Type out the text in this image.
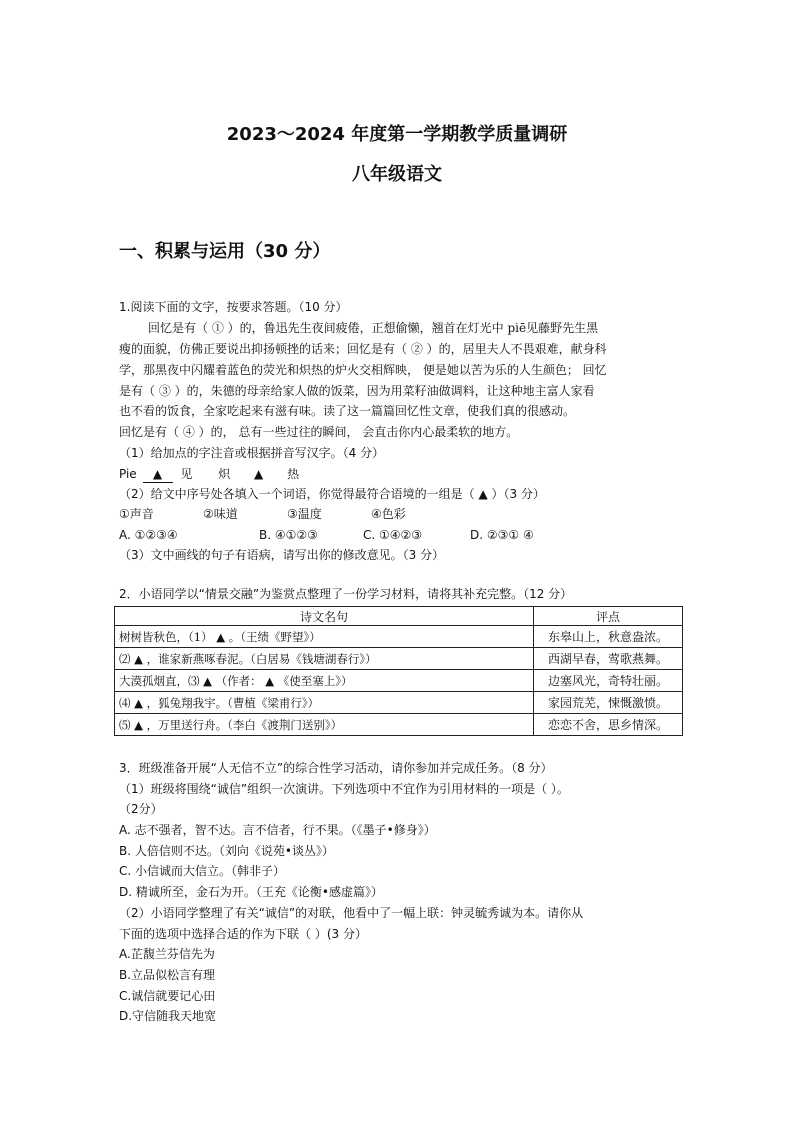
2023～2024 年度第一学期教学质量调研
八年级语文
一、积累与运用（30 分）
1.阅读下面的文字，按要求答题。（10 分）
回忆是有（ ① ）的，鲁迅先生夜间疲倦，正想偷懒，翘首在灯光中 piē见藤野先生黑
瘦的面貌，仿佛正要说出抑扬顿挫的话来；回忆是有（ ② ）的，居里夫人不畏艰难，献身科
学，那黑夜中闪耀着蓝色的荧光和炽热的炉火交相辉映， 便是她以苦为乐的人生颜色； 回忆
是有（ ③ ）的，朱德的母亲给家人做的饭菜，因为用菜籽油做调料，让这种地主富人家看
也不看的饭食，全家吃起来有滋有味。读了这一篇篇回忆性文章，使我们真的很感动。
回忆是有（ ④ ）的， 总有一些过往的瞬间， 会直击你内心最柔软的地方。
（1）给加点的字注音或根据拼音写汉字。（4 分）
Pie ▲ 见 炽 ▲ 热
（2）给文中序号处各填入一个词语，你觉得最符合语境的一组是（ ▲ ）（3 分）
①声音	②味道	③温度	④色彩
A. ①②③④	B. ④①②③	C. ①④②③	D. ②③① ④
（3）文中画线的句子有语病，请写出你的修改意见。（3 分）
2．小语同学以“情景交融”为鉴赏点整理了一份学习材料，请将其补充完整。（12 分）
诗文名句	评点
树树皆秋色，（1） ▲ 。（王绩《野望》）	东皋山上，秋意盎浓。
⑵ ▲ ，谁家新燕啄春泥。（白居易《钱塘湖春行》）	西湖早春，莺歌燕舞。
大漠孤烟直，⑶ ▲ （作者： ▲ 《使至塞上》）	边塞风光，奇特壮丽。
⑷ ▲ ，狐兔翔我宇。（曹植《梁甫行》）	家园荒芜，悚慨激愤。
⑸ ▲ ，万里送行舟。（李白《渡荆门送别》）	恋恋不舍，思乡情深。
3．班级准备开展“人无信不立”的综合性学习活动，请你参加并完成任务。（8 分）
（1）班级将围绕“诚信”组织一次演讲。下列选项中不宜作为引用材料的一项是（ ）。
（2分）
A. 志不强者，智不达。言不信者，行不果。（《墨子•修身》）
B. 人倍信则不达。（刘向《说苑•谈丛》）
C. 小信诚而大信立。（韩非子）
D. 精诚所至，金石为开。（王充《论衡•感虚篇》）
（2）小语同学整理了有关“诚信”的对联，他看中了一幅上联：钟灵毓秀诚为本。请你从
下面的选项中选择合适的作为下联（ ）(3 分）
A.芷馥兰芬信先为
B.立品似松言有理
C.诚信就要记心田
D.守信随我天地宽
